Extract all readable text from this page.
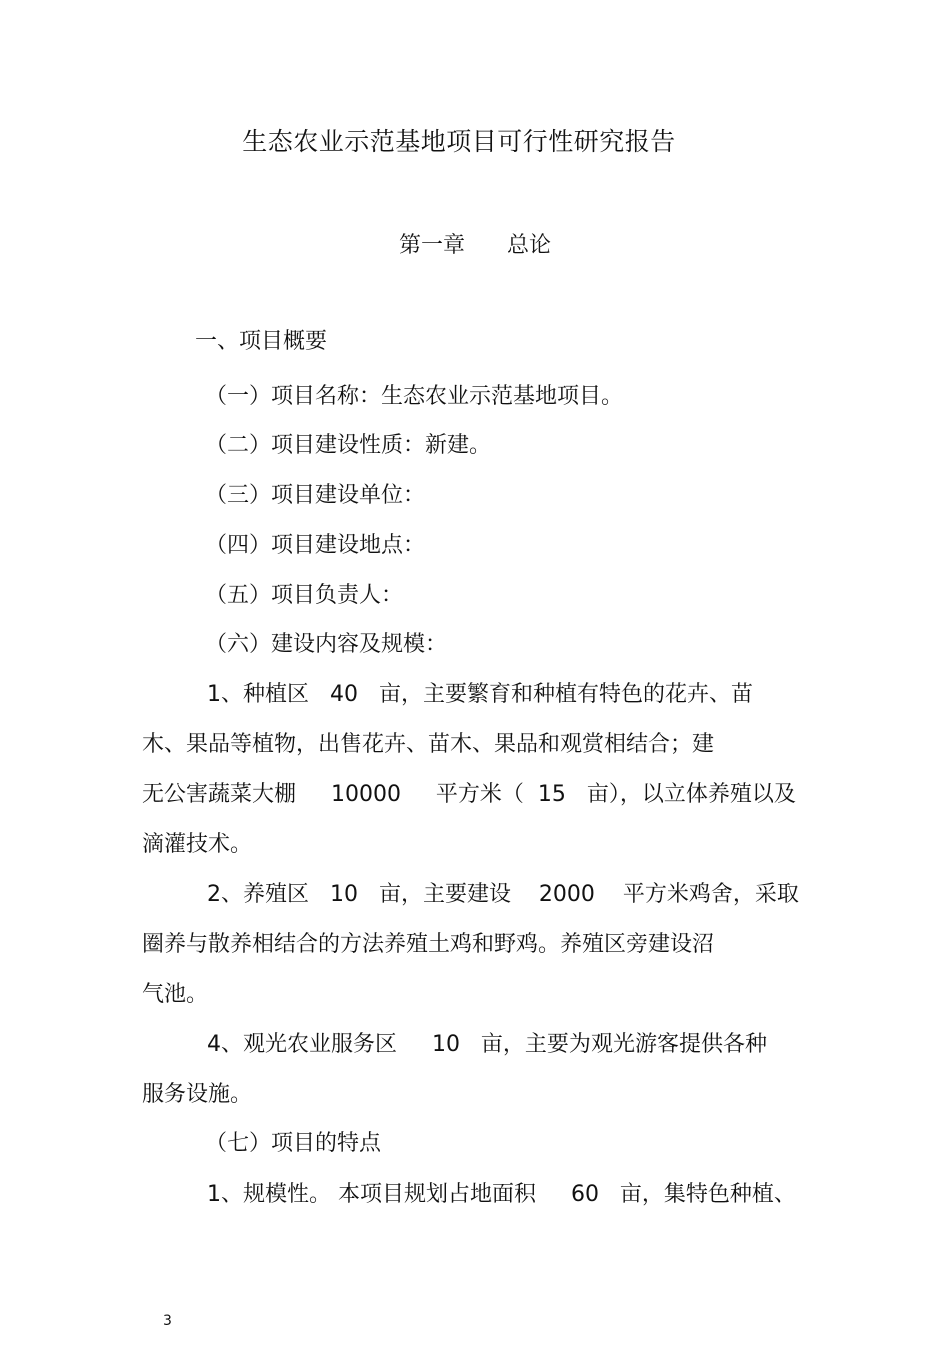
生态农业示范基地项目可行性研究报告
第一章      总论
一、项目概要
（一）项目名称：生态农业示范基地项目。
（二）项目建设性质：新建。
（三）项目建设单位：
（四）项目建设地点：
（五）项目负责人：
（六）建设内容及规模：
1、种植区   40   亩，主要繁育和种植有特色的花卉、苗
木、果品等植物，出售花卉、苗木、果品和观赏相结合；建
无公害蔬菜大棚     10000     平方米（  15   亩），以立体养殖以及
滴灌技术。
2、养殖区   10   亩，主要建设    2000    平方米鸡舍，采取
圈养与散养相结合的方法养殖土鸡和野鸡。养殖区旁建设沼
气池。
4、观光农业服务区     10   亩，主要为观光游客提供各种
服务设施。
（七）项目的特点
1、规模性。 本项目规划占地面积     60   亩，集特色种植、
3
